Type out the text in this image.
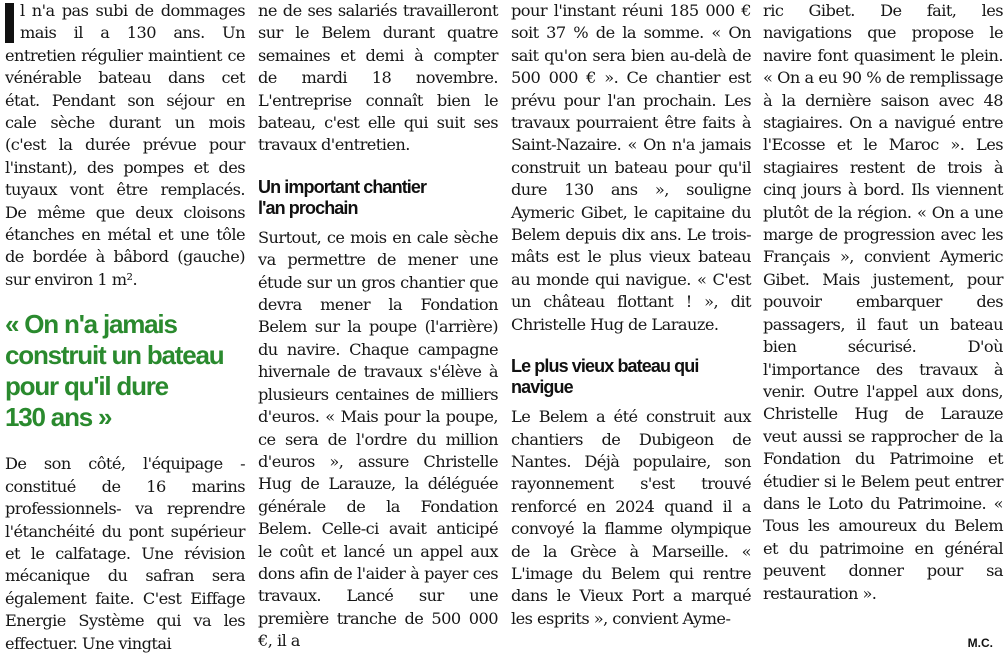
l n'a pas subi de dommages mais il a 130 ans. Un entretien régulier maintient ce vénérable bateau dans cet état. Pendant son séjour en cale sèche durant un mois (c'est la durée prévue pour l'instant), des pompes et des tuyaux vont être remplacés. De même que deux cloisons étanches en métal et une tôle de bordée à bâbord (gauche) sur environ 1 m².

« On n'a jamais
construit un bateau
pour qu'il dure
130 ans »

De son côté, l'équipage - constitué de 16 marins professionnels- va reprendre l'étanchéité du pont supérieur et le calfatage. Une révision mécanique du safran sera également faite. C'est Eiffage Energie Système qui va les effectuer. Une vingtai

ne de ses salariés travailleront sur le Belem durant quatre semaines et demi à compter de mardi 18 novembre. L'entreprise connaît bien le bateau, c'est elle qui suit ses travaux d'entretien.

Un important chantier
l'an prochain

Surtout, ce mois en cale sèche va permettre de mener une étude sur un gros chantier que devra mener la Fondation Belem sur la poupe (l'arrière) du navire. Chaque campagne hivernale de travaux s'élève à plusieurs centaines de milliers d'euros. « Mais pour la poupe, ce sera de l'ordre du million d'euros », assure Christelle Hug de Larauze, la déléguée générale de la Fondation Belem. Celle-ci avait anticipé le coût et lancé un appel aux dons afin de l'aider à payer ces travaux. Lancé sur une première tranche de 500 000 €, il a

pour l'instant réuni 185 000 € soit 37 % de la somme. « On sait qu'on sera bien au-delà de 500 000 € ». Ce chantier est prévu pour l'an prochain. Les travaux pourraient être faits à Saint-Nazaire. « On n'a jamais construit un bateau pour qu'il dure 130 ans », souligne Aymeric Gibet, le capitaine du Belem depuis dix ans. Le trois-mâts est le plus vieux bateau au monde qui navigue. « C'est un château flottant ! », dit Christelle Hug de Larauze.

Le plus vieux bateau qui
navigue

Le Belem a été construit aux chantiers de Dubigeon de Nantes. Déjà populaire, son rayonnement s'est trouvé renforcé en 2024 quand il a convoyé la flamme olympique de la Grèce à Marseille. « L'image du Belem qui rentre dans le Vieux Port a marqué les esprits », convient Ayme-

ric Gibet. De fait, les navigations que propose le navire font quasiment le plein. « On a eu 90 % de remplissage à la dernière saison avec 48 stagiaires. On a navigué entre l'Ecosse et le Maroc ». Les stagiaires restent de trois à cinq jours à bord. Ils viennent plutôt de la région. « On a une marge de progression avec les Français », convient Aymeric Gibet. Mais justement, pour pouvoir embarquer des passagers, il faut un bateau bien sécurisé. D'où l'importance des travaux à venir. Outre l'appel aux dons, Christelle Hug de Larauze veut aussi se rapprocher de la Fondation du Patrimoine et étudier si le Belem peut entrer dans le Loto du Patrimoine. « Tous les amoureux du Belem et du patrimoine en général peuvent donner pour sa restauration ».

M.C.
